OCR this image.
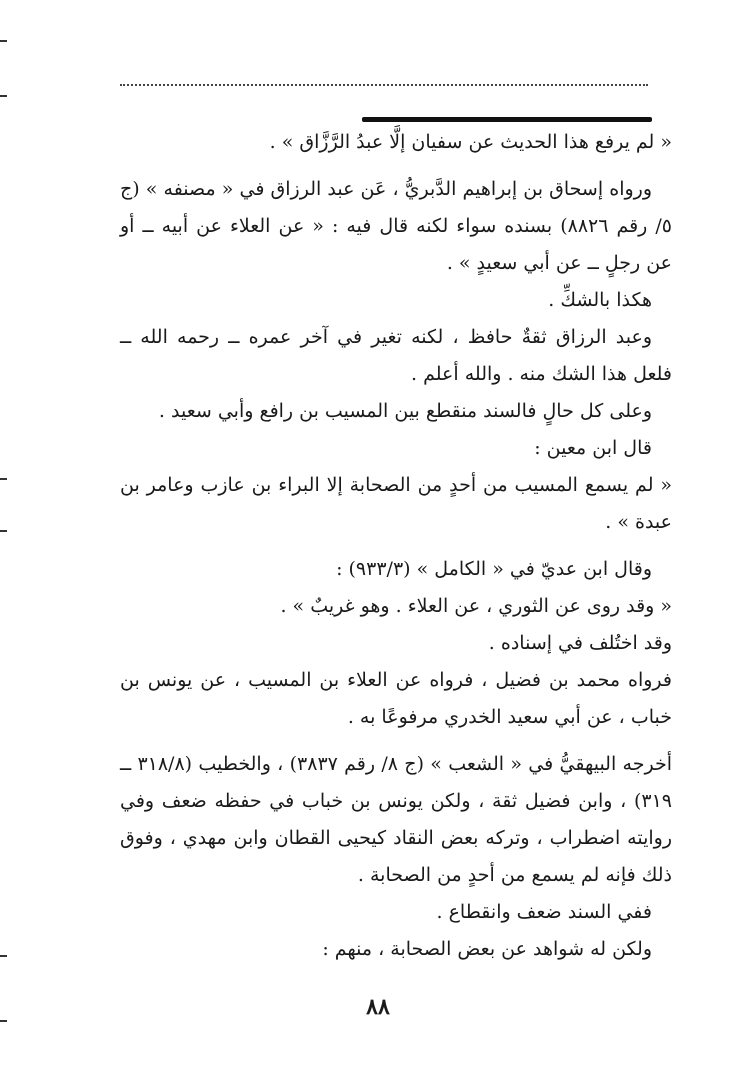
« لم يرفع هذا الحديث عن سفيان إلَّا عبدُ الرَّزَّاق » .

ورواه إسحاق بن إبراهيم الدَّبريُّ ، عَن عبد الرزاق في « مصنفه » (ج ٥/ رقم ٨٨٢٦) بسنده سواء لكنه قال فيه : « عن العلاء عن أبيه ــ أو عن رجلٍ ــ عن أبي سعيدٍ » .

هكذا بالشكِّ .

وعبد الرزاق ثقةٌ حافظ ، لكنه تغير في آخر عمره ــ رحمه الله ــ فلعل هذا الشك منه . والله أعلم .

وعلى كل حالٍ فالسند منقطع بين المسيب بن رافع وأبي سعيد .

قال ابن معين :

« لم يسمع المسيب من أحدٍ من الصحابة إلا البراء بن عازب وعامر بن عبدة » .

وقال ابن عديّ في « الكامل » (٩٣٣/٣) :

« وقد روى عن الثوري ، عن العلاء . وهو غريبٌ » .

وقد اختُلف في إسناده .

فرواه محمد بن فضيل ، فرواه عن العلاء بن المسيب ، عن يونس بن خباب ، عن أبي سعيد الخدري مرفوعًا به .

أخرجه البيهقيُّ في « الشعب » (ج ٨/ رقم ٣٨٣٧) ، والخطيب (٣١٨/٨ ــ ٣١٩) ، وابن فضيل ثقة ، ولكن يونس بن خباب في حفظه ضعف وفي روايته اضطراب ، وتركه بعض النقاد كيحيى القطان وابن مهدي ، وفوق ذلك فإنه لم يسمع من أحدٍ من الصحابة .

ففي السند ضعف وانقطاع .

ولكن له شواهد عن بعض الصحابة ، منهم :

٨٨
